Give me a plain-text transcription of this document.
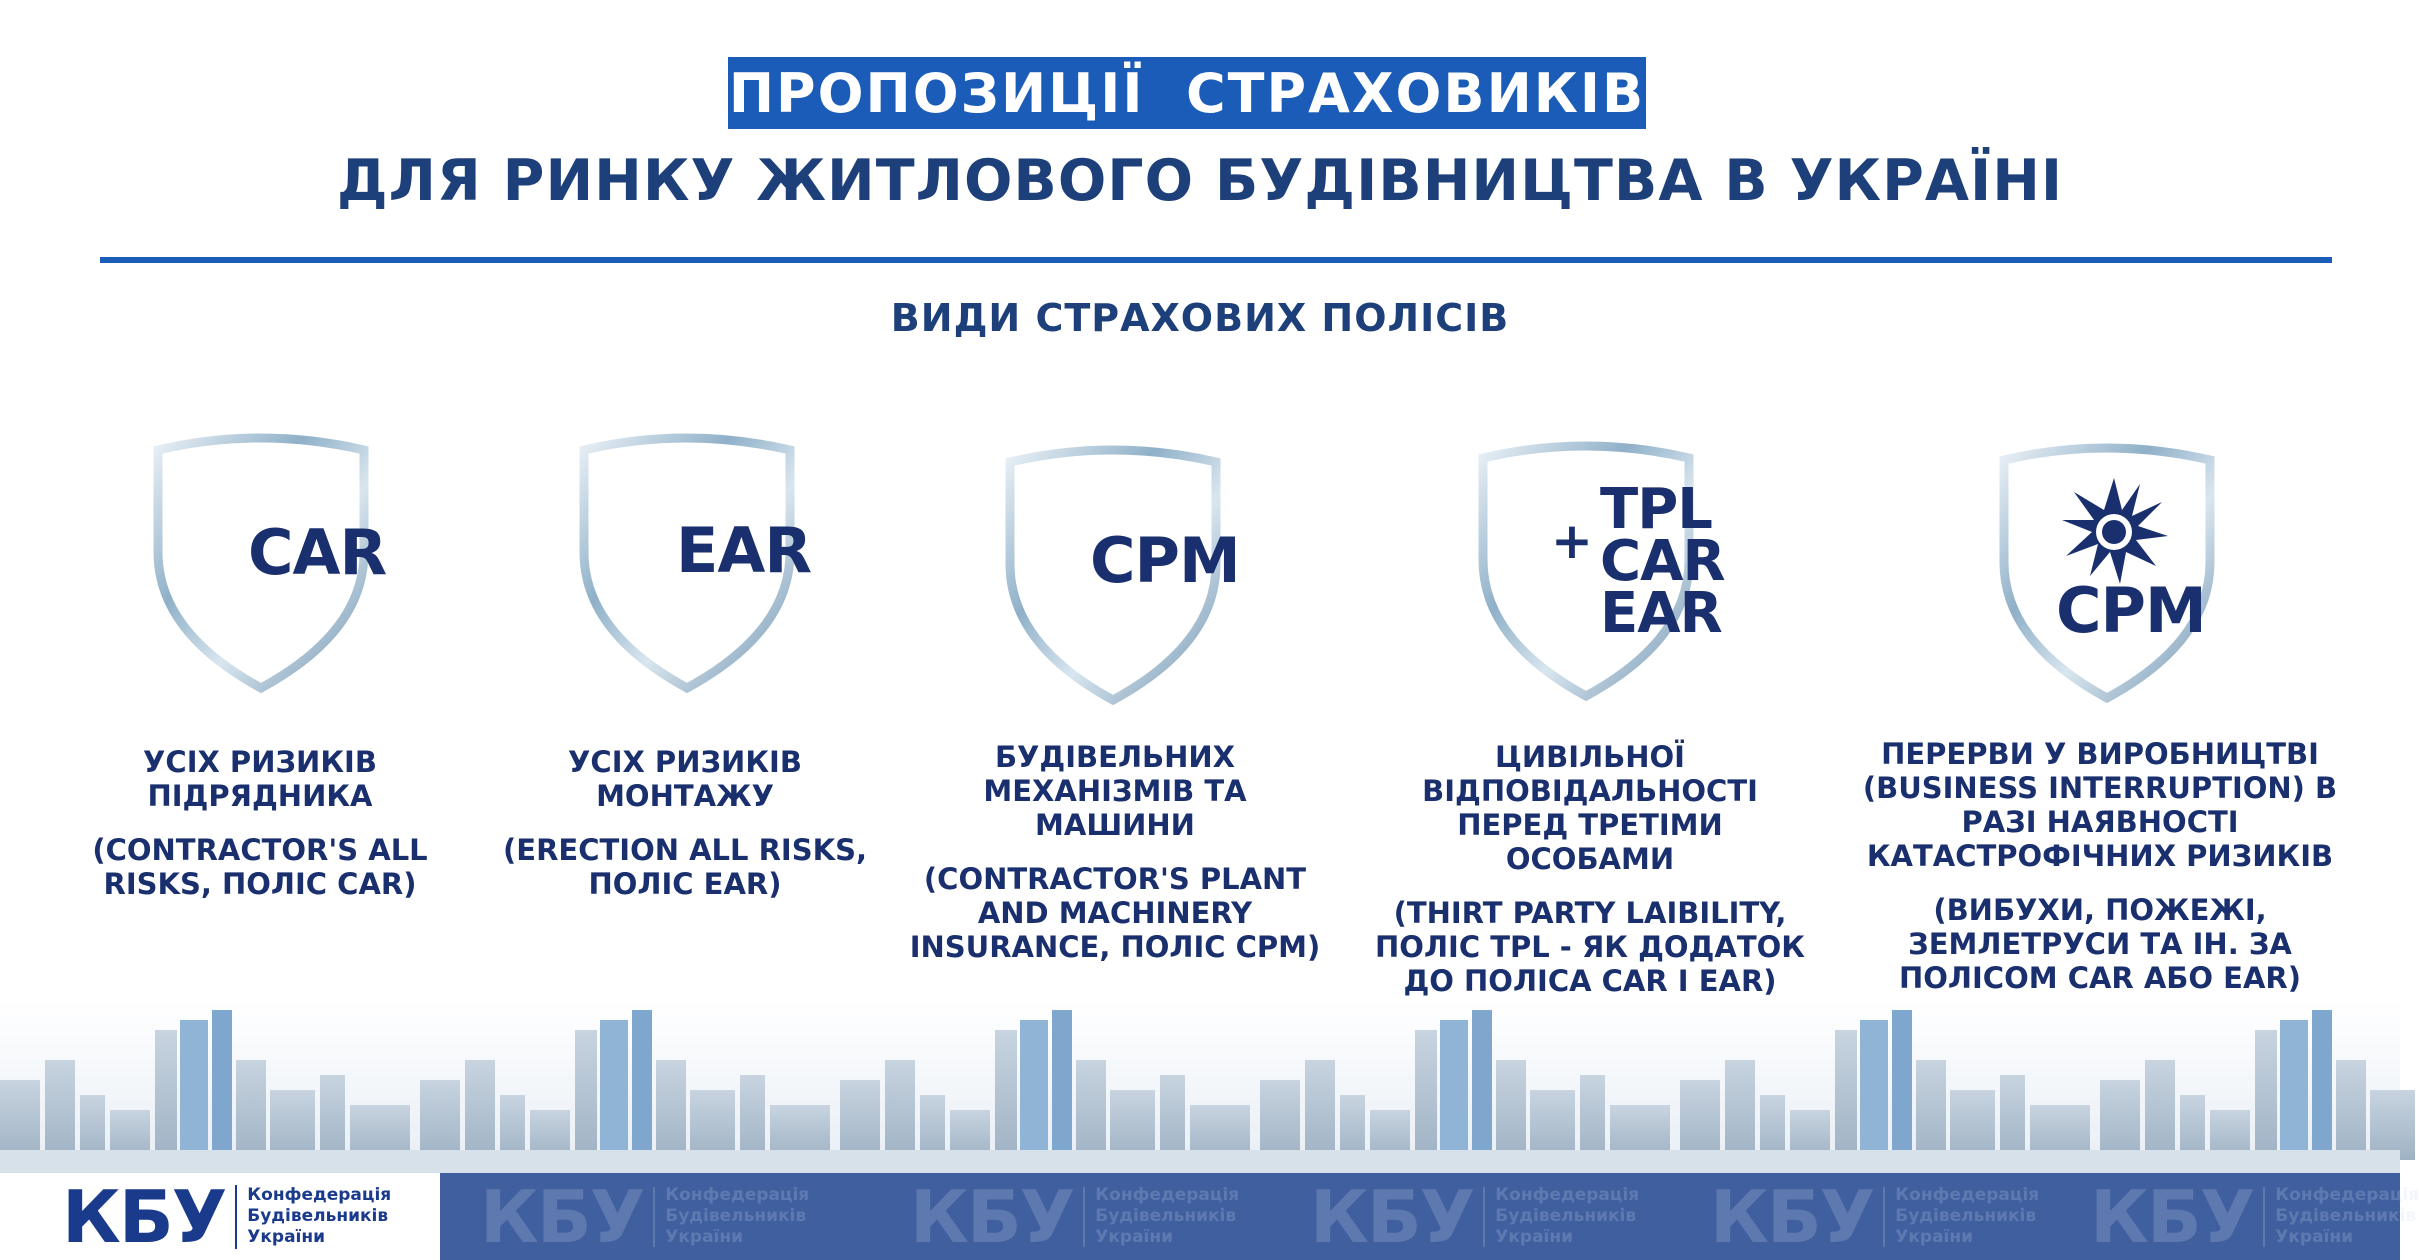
ПРОПОЗИЦІЇ  СТРАХОВИКІВ
ДЛЯ РИНКУ ЖИТЛОВОГО БУДІВНИЦТВА В УКРАЇНІ
ВИДИ СТРАХОВИХ ПОЛІСІВ
CAR	EAR	CPM	+ TPL
CAR
EAR	CPM

УСІХ РИЗИКІВ

ПІДРЯДНИКА

(CONTRACTOR'S ALL

RISKS, ПОЛІС CAR)

УСІХ РИЗИКІВ

МОНТАЖУ

(ERECTION ALL RISKS,

ПОЛІС EAR)

БУДІВЕЛЬНИХ

МЕХАНІЗМІВ ТА

МАШИНИ

(CONTRACTOR'S PLANT

AND MACHINERY

INSURANCE, ПОЛІС CPM)

ЦИВІЛЬНОЇ

ВІДПОВІДАЛЬНОСТІ

ПЕРЕД ТРЕТІМИ

ОСОБАМИ

(THIRT PARTY LAIBILITY,

ПОЛІС TPL - ЯК ДОДАТОК

ДО ПОЛІСА CAR І EAR)

ПЕРЕРВИ У ВИРОБНИЦТВІ

(BUSINESS INTERRUPTION) В

РАЗІ НАЯВНОСТІ

КАТАСТРОФІЧНИХ РИЗИКІВ

(ВИБУХИ, ПОЖЕЖІ,

ЗЕМЛЕТРУСИ ТА ІН. ЗА

ПОЛІСОМ CAR АБО EAR)

КБУ Конфедерація
Будівельників
України	КБУ Конфедерація
Будівельників
України	КБУ Конфедерація
Будівельників
України	КБУ Конфедерація
Будівельників
України	КБУ Конфедерація
Будівельників
України
КБУ Конфедерація
Будівельників
України
